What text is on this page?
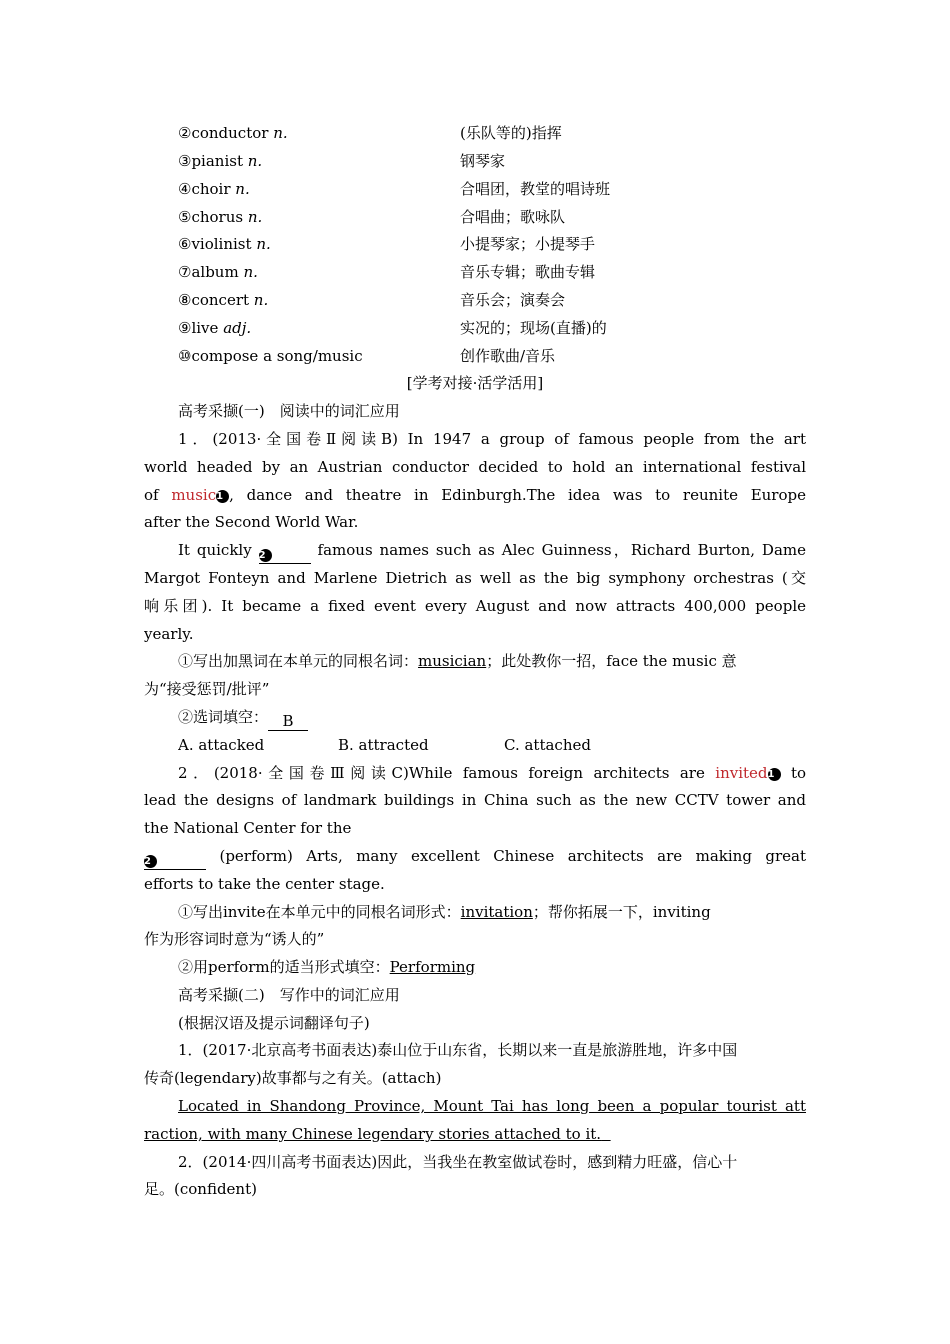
②conductor n.	(乐队等的)指挥
③pianist n.	钢琴家
④choir n.	合唱团，教堂的唱诗班
⑤chorus n.	合唱曲；歌咏队
⑥violinist n.	小提琴家；小提琴手
⑦album n.	音乐专辑；歌曲专辑
⑧concert n.	音乐会；演奏会
⑨live adj.	实况的；现场(直播)的
⑩compose a song/music	创作歌曲/音乐
[学考对接·活学活用]
高考采撷(一)　阅读中的词汇应用
1．(2013·全国卷Ⅱ阅读B) In 1947 a group of famous people from the art
world headed by an Austrian conductor decided to hold an international festival
of music1 , dance and theatre in Edinburgh.The idea was to reunite Europe
after the Second World War.
It quickly 2	famous names such as Alec Guinness，Richard Burton, Dame
Margot Fonteyn and Marlene Dietrich as well as the big symphony orchestras (交
响乐团). It became a fixed event every August and now attracts 400,000 people
yearly.
①写出加黑词在本单元的同根名词：musician；此处教你一招，face the music 意
为“接受惩罚/批评”
②选词填空： B
A. attacked	B. attracted	C. attached
2．(2018·全国卷Ⅲ阅读C)While famous foreign architects are invited1 to
lead the designs of landmark buildings in China such as the new CCTV tower and
the National Center for the
2	(perform) Arts, many excellent Chinese architects are making great
efforts to take the center stage.
①写出invite在本单元中的同根名词形式：invitation；帮你拓展一下，inviting
作为形容词时意为“诱人的”
②用perform的适当形式填空：Performing
高考采撷(二)　写作中的词汇应用
(根据汉语及提示词翻译句子)
1．(2017·北京高考书面表达)泰山位于山东省，长期以来一直是旅游胜地，许多中国
传奇(legendary)故事都与之有关。(attach)
Located in Shandong Province, Mount Tai has long been a popular tourist att
raction, with many Chinese legendary stories attached to it.
2．(2014·四川高考书面表达)因此，当我坐在教室做试卷时，感到精力旺盛，信心十
足。(confident)
